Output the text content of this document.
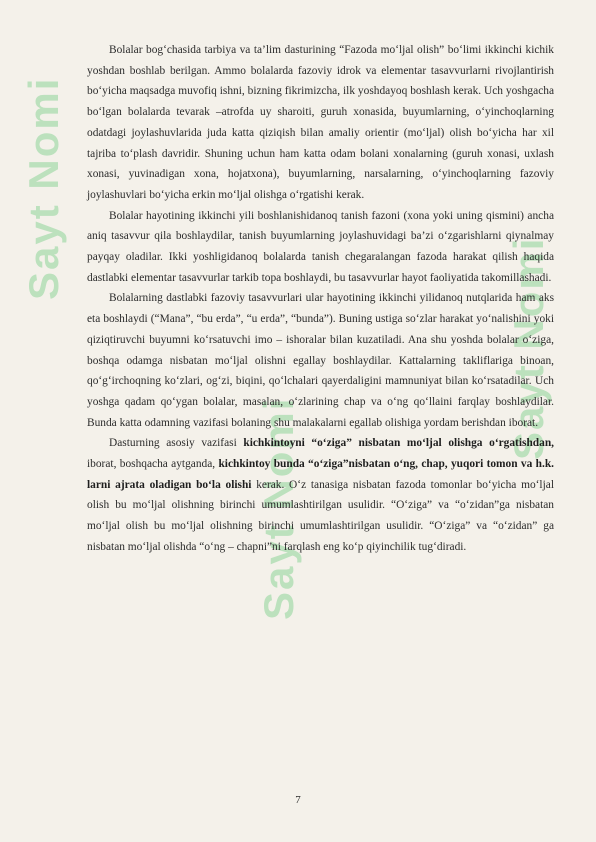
Sayt Nomi
Sayt Nomi
Sayt Nomi

Bolalar bog‘chasida tarbiya va ta’lim dasturining “Fazoda mo‘ljal olish” bo‘limi ikkinchi kichik yoshdan boshlab berilgan. Ammo bolalarda fazoviy idrok va elementar tasavvurlarni rivojlantirish bo‘yicha maqsadga muvofiq ishni, bizning fikrimizcha, ilk yoshdayoq boshlash kerak. Uch yoshgacha bo‘lgan bolalarda tevarak –atrofda uy sharoiti, guruh xonasida, buyumlarning, o‘yinchoqlarning odatdagi joylashuvlarida juda katta qiziqish bilan amaliy orientir (mo‘ljal) olish bo‘yicha har xil tajriba to‘plash davridir. Shuning uchun ham katta odam bolani xonalarning (guruh xonasi, uxlash xonasi, yuvinadigan xona, hojatxona), buyumlarning, narsalarning, o‘yinchoqlarning fazoviy joylashuvlari bo‘yicha erkin mo‘ljal olishga o‘rgatishi kerak.

Bolalar hayotining ikkinchi yili boshlanishidanoq tanish fazoni (xona yoki uning qismini) ancha aniq tasavvur qila boshlaydilar, tanish buyumlarning joylashuvidagi ba’zi o‘zgarishlarni qiynalmay payqay oladilar. Ikki yoshligidanoq bolalarda tanish chegaralangan fazoda harakat qilish haqida dastlabki elementar tasavvurlar tarkib topa boshlaydi, bu tasavvurlar hayot faoliyatida takomillashadi.

Bolalarning dastlabki fazoviy tasavvurlari ular hayotining ikkinchi yilidanoq nutqlarida ham aks eta boshlaydi (“Mana”, “bu erda”, “u erda”, “bunda”). Buning ustiga so‘zlar harakat yo‘nalishini yoki qiziqtiruvchi buyumni ko‘rsatuvchi imo – ishoralar bilan kuzatiladi. Ana shu yoshda bolalar o‘ziga, boshqa odamga nisbatan mo‘ljal olishni egallay boshlaydilar. Kattalarning takliflariga binoan, qo‘g‘irchoqning ko‘zlari, og‘zi, biqini, qo‘lchalari qayerdaligini mamnuniyat bilan ko‘rsatadilar. Uch yoshga qadam qo‘ygan bolalar, masalan, o‘zlarining chap va o‘ng qo‘llaini farqlay boshlaydilar. Bunda katta odamning vazifasi bolaning shu malakalarni egallab olishiga yordam berishdan iborat.

Dasturning asosiy vazifasi kichkintoyni “o‘ziga” nisbatan mo‘ljal olishga o‘rgatishdan, iborat, boshqacha aytganda, kichkintoy bunda “o‘ziga”nisbatan o‘ng, chap, yuqori tomon va h.k. larni ajrata oladigan bo‘la olishi kerak. O‘z tanasiga nisbatan fazoda tomonlar bo‘yicha mo‘ljal olish bu mo‘ljal olishning birinchi umumlashtirilgan usulidir. “O‘ziga” va “o‘zidan”ga nisbatan mo‘ljal olish bu mo‘ljal olishning birinchi umumlashtirilgan usulidir. “O‘ziga” va “o‘zidan” ga nisbatan mo‘ljal olishda “o‘ng – chapni”ni farqlash eng ko‘p qiyinchilik tug‘diradi.

7
